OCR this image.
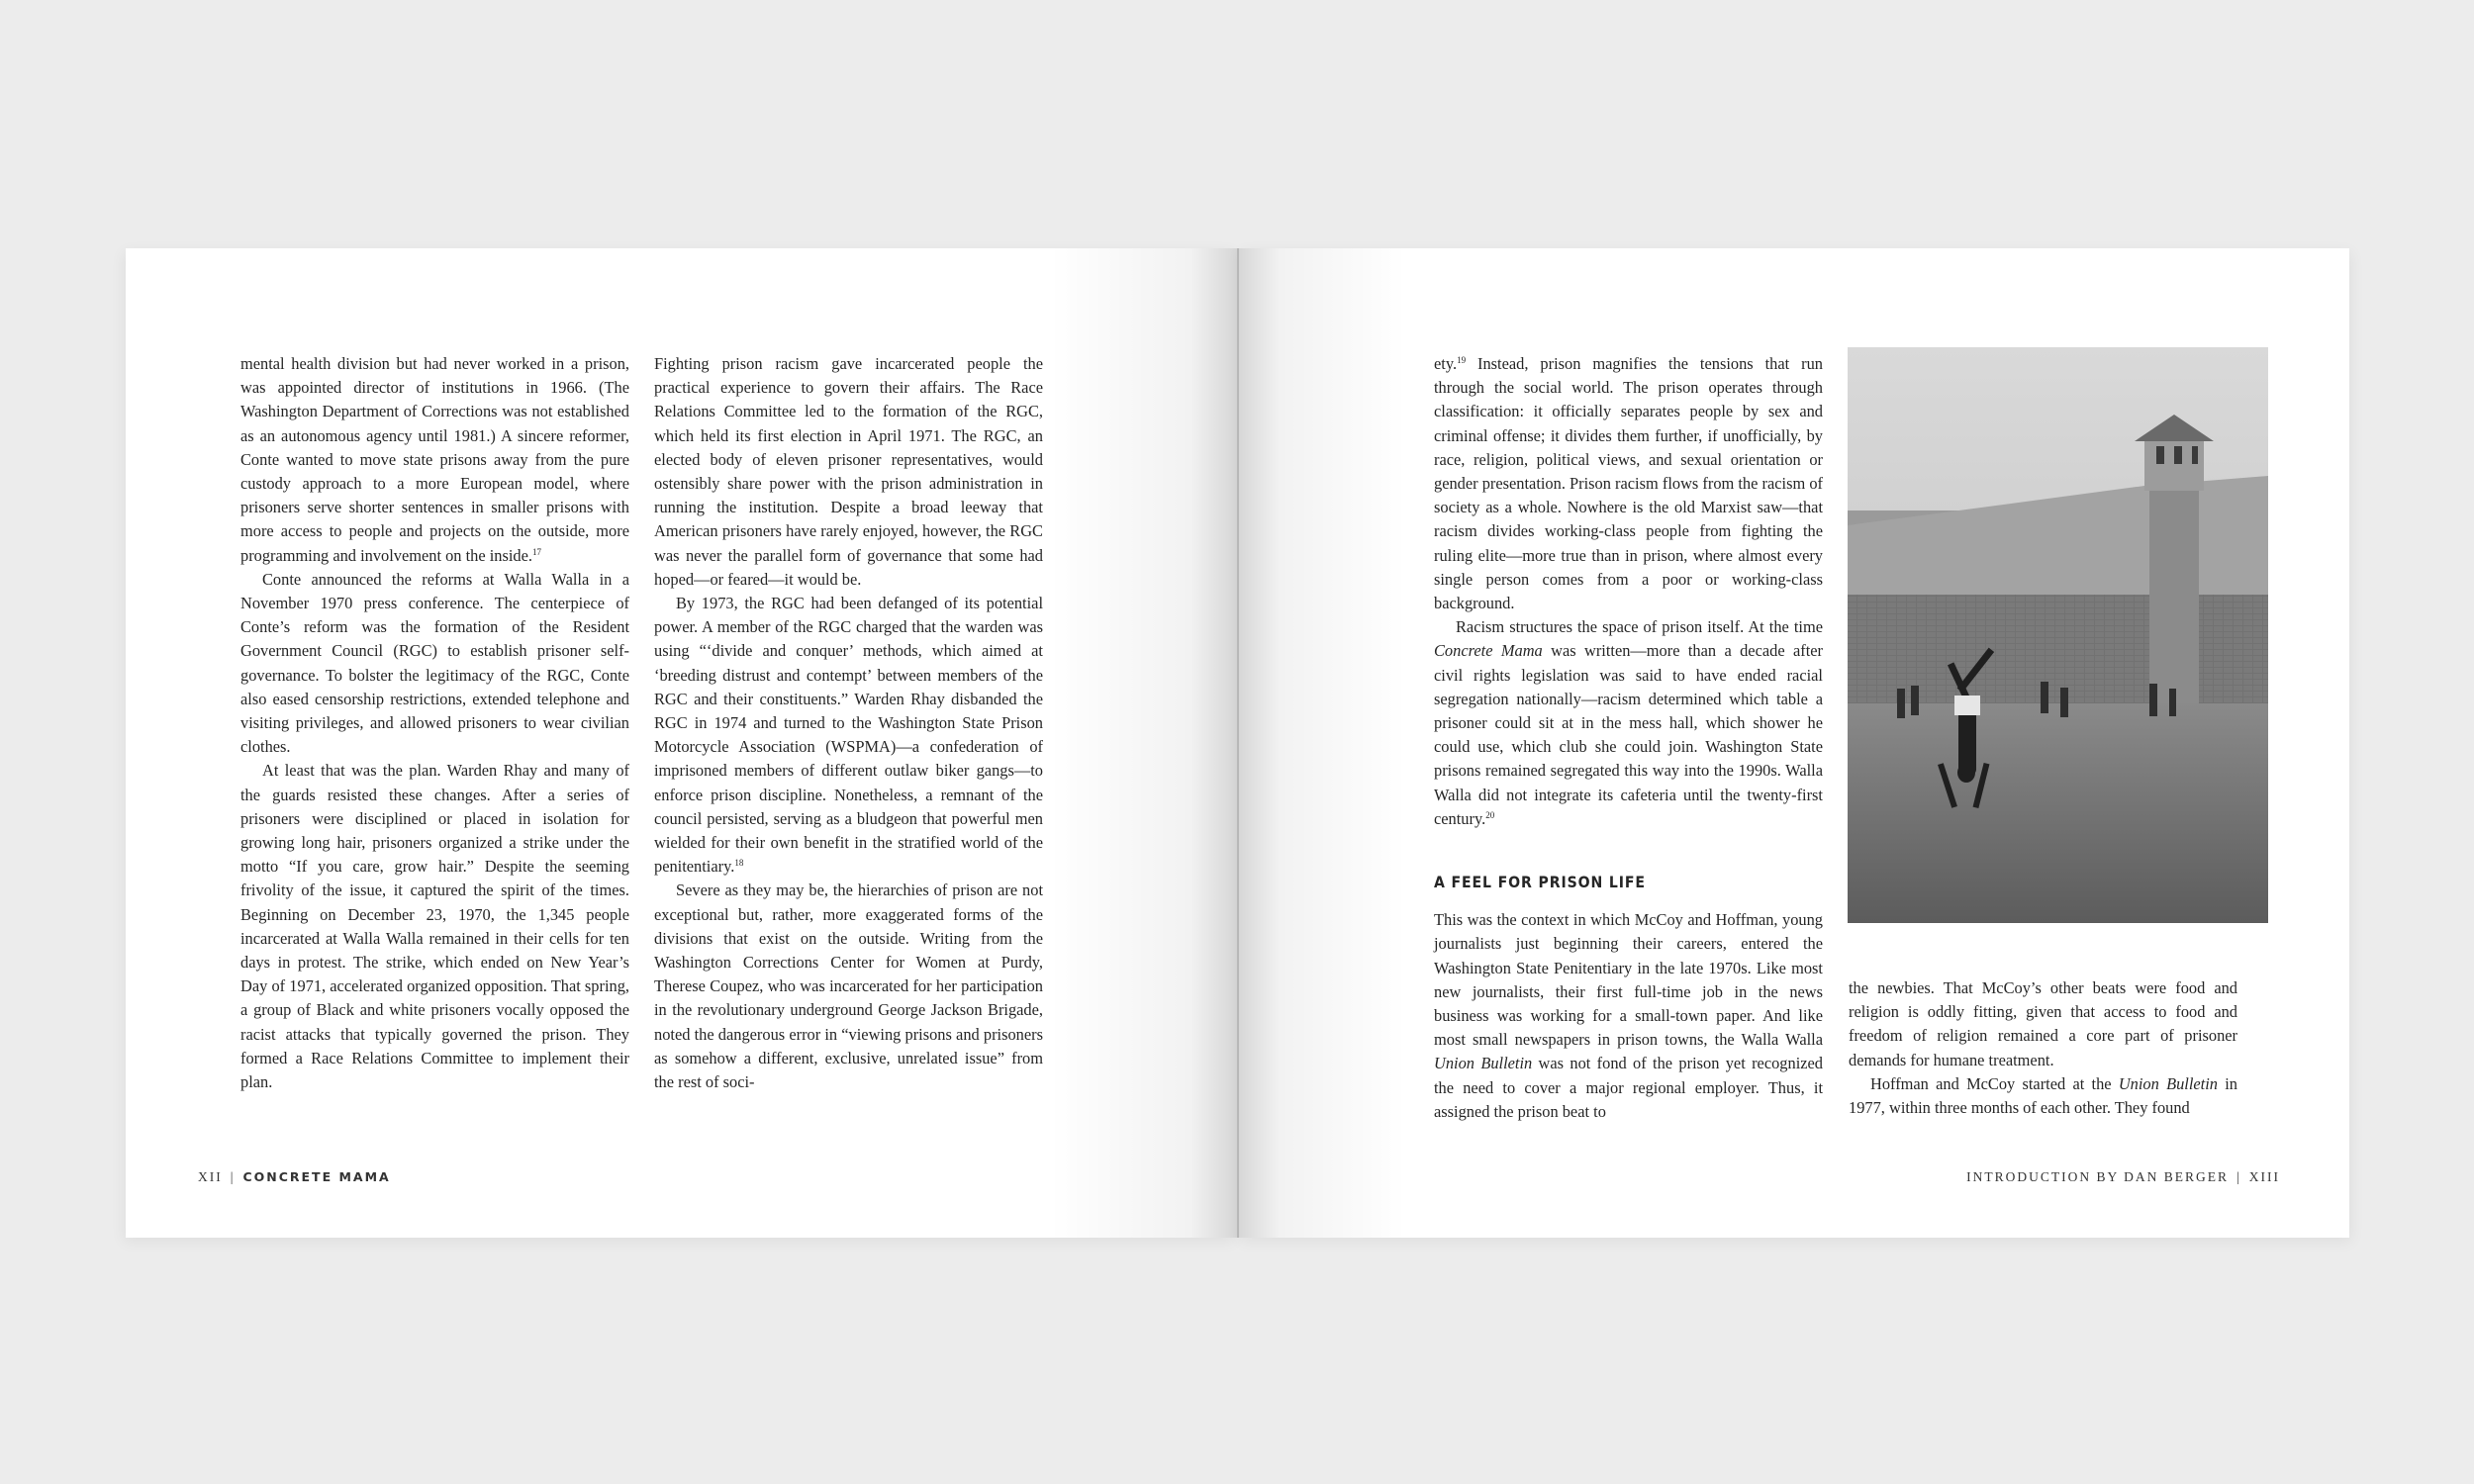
mental health division but had never worked in a prison, was appointed director of institutions in 1966. (The Washington Department of Corrections was not established as an autonomous agency until 1981.) A sincere reformer, Conte wanted to move state prisons away from the pure custody approach to a more European model, where prisoners serve shorter sentences in smaller prisons with more access to people and projects on the outside, more programming and involvement on the inside.$^{17}$

Conte announced the reforms at Walla Walla in a November 1970 press conference. The centerpiece of Conte’s reform was the formation of the Resident Government Council (RGC) to establish prisoner self-governance. To bolster the legitimacy of the RGC, Conte also eased censorship restrictions, extended telephone and visiting privileges, and allowed prisoners to wear civilian clothes.

At least that was the plan. Warden Rhay and many of the guards resisted these changes. After a series of prisoners were disciplined or placed in isolation for growing long hair, prisoners organized a strike under the motto “If you care, grow hair.” Despite the seeming frivolity of the issue, it captured the spirit of the times. Beginning on December 23, 1970, the 1,345 people incarcerated at Walla Walla remained in their cells for ten days in protest. The strike, which ended on New Year’s Day of 1971, accelerated organized opposition. That spring, a group of Black and white prisoners vocally opposed the racist attacks that typically governed the prison. They formed a Race Relations Committee to implement their plan.

Fighting prison racism gave incarcerated people the practical experience to govern their affairs. The Race Relations Committee led to the formation of the RGC, which held its first election in April 1971. The RGC, an elected body of eleven prisoner representatives, would ostensibly share power with the prison administration in running the institution. Despite a broad leeway that American prisoners have rarely enjoyed, however, the RGC was never the parallel form of governance that some had hoped—or feared—it would be.

By 1973, the RGC had been defanged of its potential power. A member of the RGC charged that the warden was using “‘divide and conquer’ methods, which aimed at ‘breeding distrust and contempt’ between members of the RGC and their constituents.” Warden Rhay disbanded the RGC in 1974 and turned to the Washington State Prison Motorcycle Association (WSPMA)—a confederation of imprisoned members of different outlaw biker gangs—to enforce prison discipline. Nonetheless, a remnant of the council persisted, serving as a bludgeon that powerful men wielded for their own benefit in the stratified world of the penitentiary.$^{18}$

Severe as they may be, the hierarchies of prison are not exceptional but, rather, more exaggerated forms of the divisions that exist on the outside. Writing from the Washington Corrections Center for Women at Purdy, Therese Coupez, who was incarcerated for her participation in the revolutionary underground George Jackson Brigade, noted the dangerous error in “viewing prisons and prisoners as somehow a different, exclusive, unrelated issue” from the rest of soci-

XII | CONCRETE MAMA

ety.$^{19}$ Instead, prison magnifies the tensions that run through the social world. The prison operates through classification: it officially separates people by sex and criminal offense; it divides them further, if unofficially, by race, religion, political views, and sexual orientation or gender presentation. Prison racism flows from the racism of society as a whole. Nowhere is the old Marxist saw—that racism divides working-class people from fighting the ruling elite—more true than in prison, where almost every single person comes from a poor or working-class background.

Racism structures the space of prison itself. At the time Concrete Mama was written—more than a decade after civil rights legislation was said to have ended racial segregation nationally—racism determined which table a prisoner could sit at in the mess hall, which shower he could use, which club she could join. Washington State prisons remained segregated this way into the 1990s. Walla Walla did not integrate its cafeteria until the twenty-first century.$^{20}$

A FEEL FOR PRISON LIFE

This was the context in which McCoy and Hoffman, young journalists just beginning their careers, entered the Washington State Penitentiary in the late 1970s. Like most new journalists, their first full-time job in the news business was working for a small-town paper. And like most small newspapers in prison towns, the Walla Walla Union Bulletin was not fond of the prison yet recognized the need to cover a major regional employer. Thus, it assigned the prison beat to

the newbies. That McCoy’s other beats were food and religion is oddly fitting, given that access to food and freedom of religion remained a core part of prisoner demands for humane treatment.

Hoffman and McCoy started at the Union Bulletin in 1977, within three months of each other. They found

INTRODUCTION BY DAN BERGER | XIII
